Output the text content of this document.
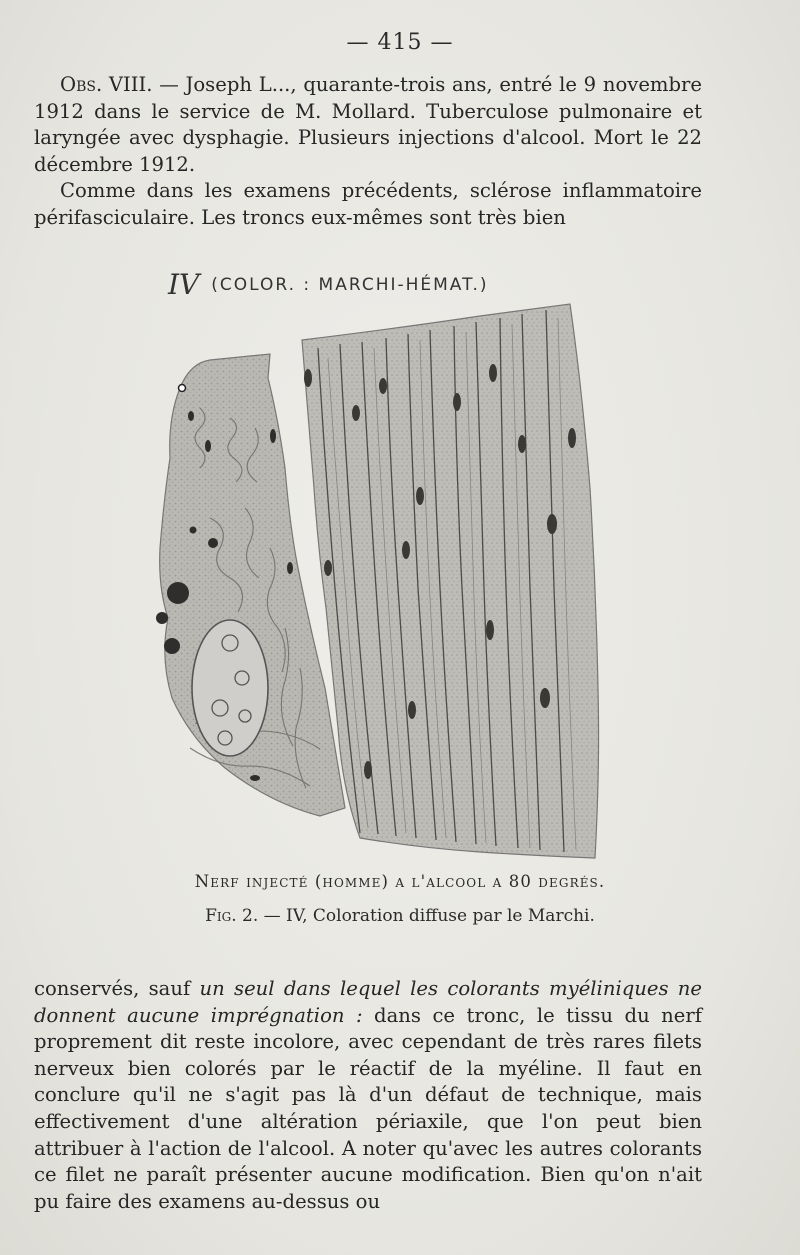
— 415 —

Obs. VIII. — Joseph L..., quarante-trois ans, entré le 9 novembre 1912 dans le service de M. Mollard. Tuberculose pulmonaire et laryngée avec dysphagie. Plusieurs injections d'alcool. Mort le 22 décembre 1912.

Comme dans les examens précédents, sclérose inflammatoire périfasciculaire. Les troncs eux-mêmes sont très bien

IV (COLOR. : MARCHI-HÉMAT.)
Nerf injecté (homme) a l'alcool a 80 degrés.
Fig. 2. — IV, Coloration diffuse par le Marchi.

conservés, sauf un seul dans lequel les colorants myéliniques ne donnent aucune imprégnation : dans ce tronc, le tissu du nerf proprement dit reste incolore, avec cependant de très rares filets nerveux bien colorés par le réactif de la myéline. Il faut en conclure qu'il ne s'agit pas là d'un défaut de technique, mais effectivement d'une altération périaxile, que l'on peut bien attribuer à l'action de l'alcool. A noter qu'avec les autres colorants ce filet ne paraît présenter aucune modification. Bien qu'on n'ait pu faire des examens au-dessus ou
